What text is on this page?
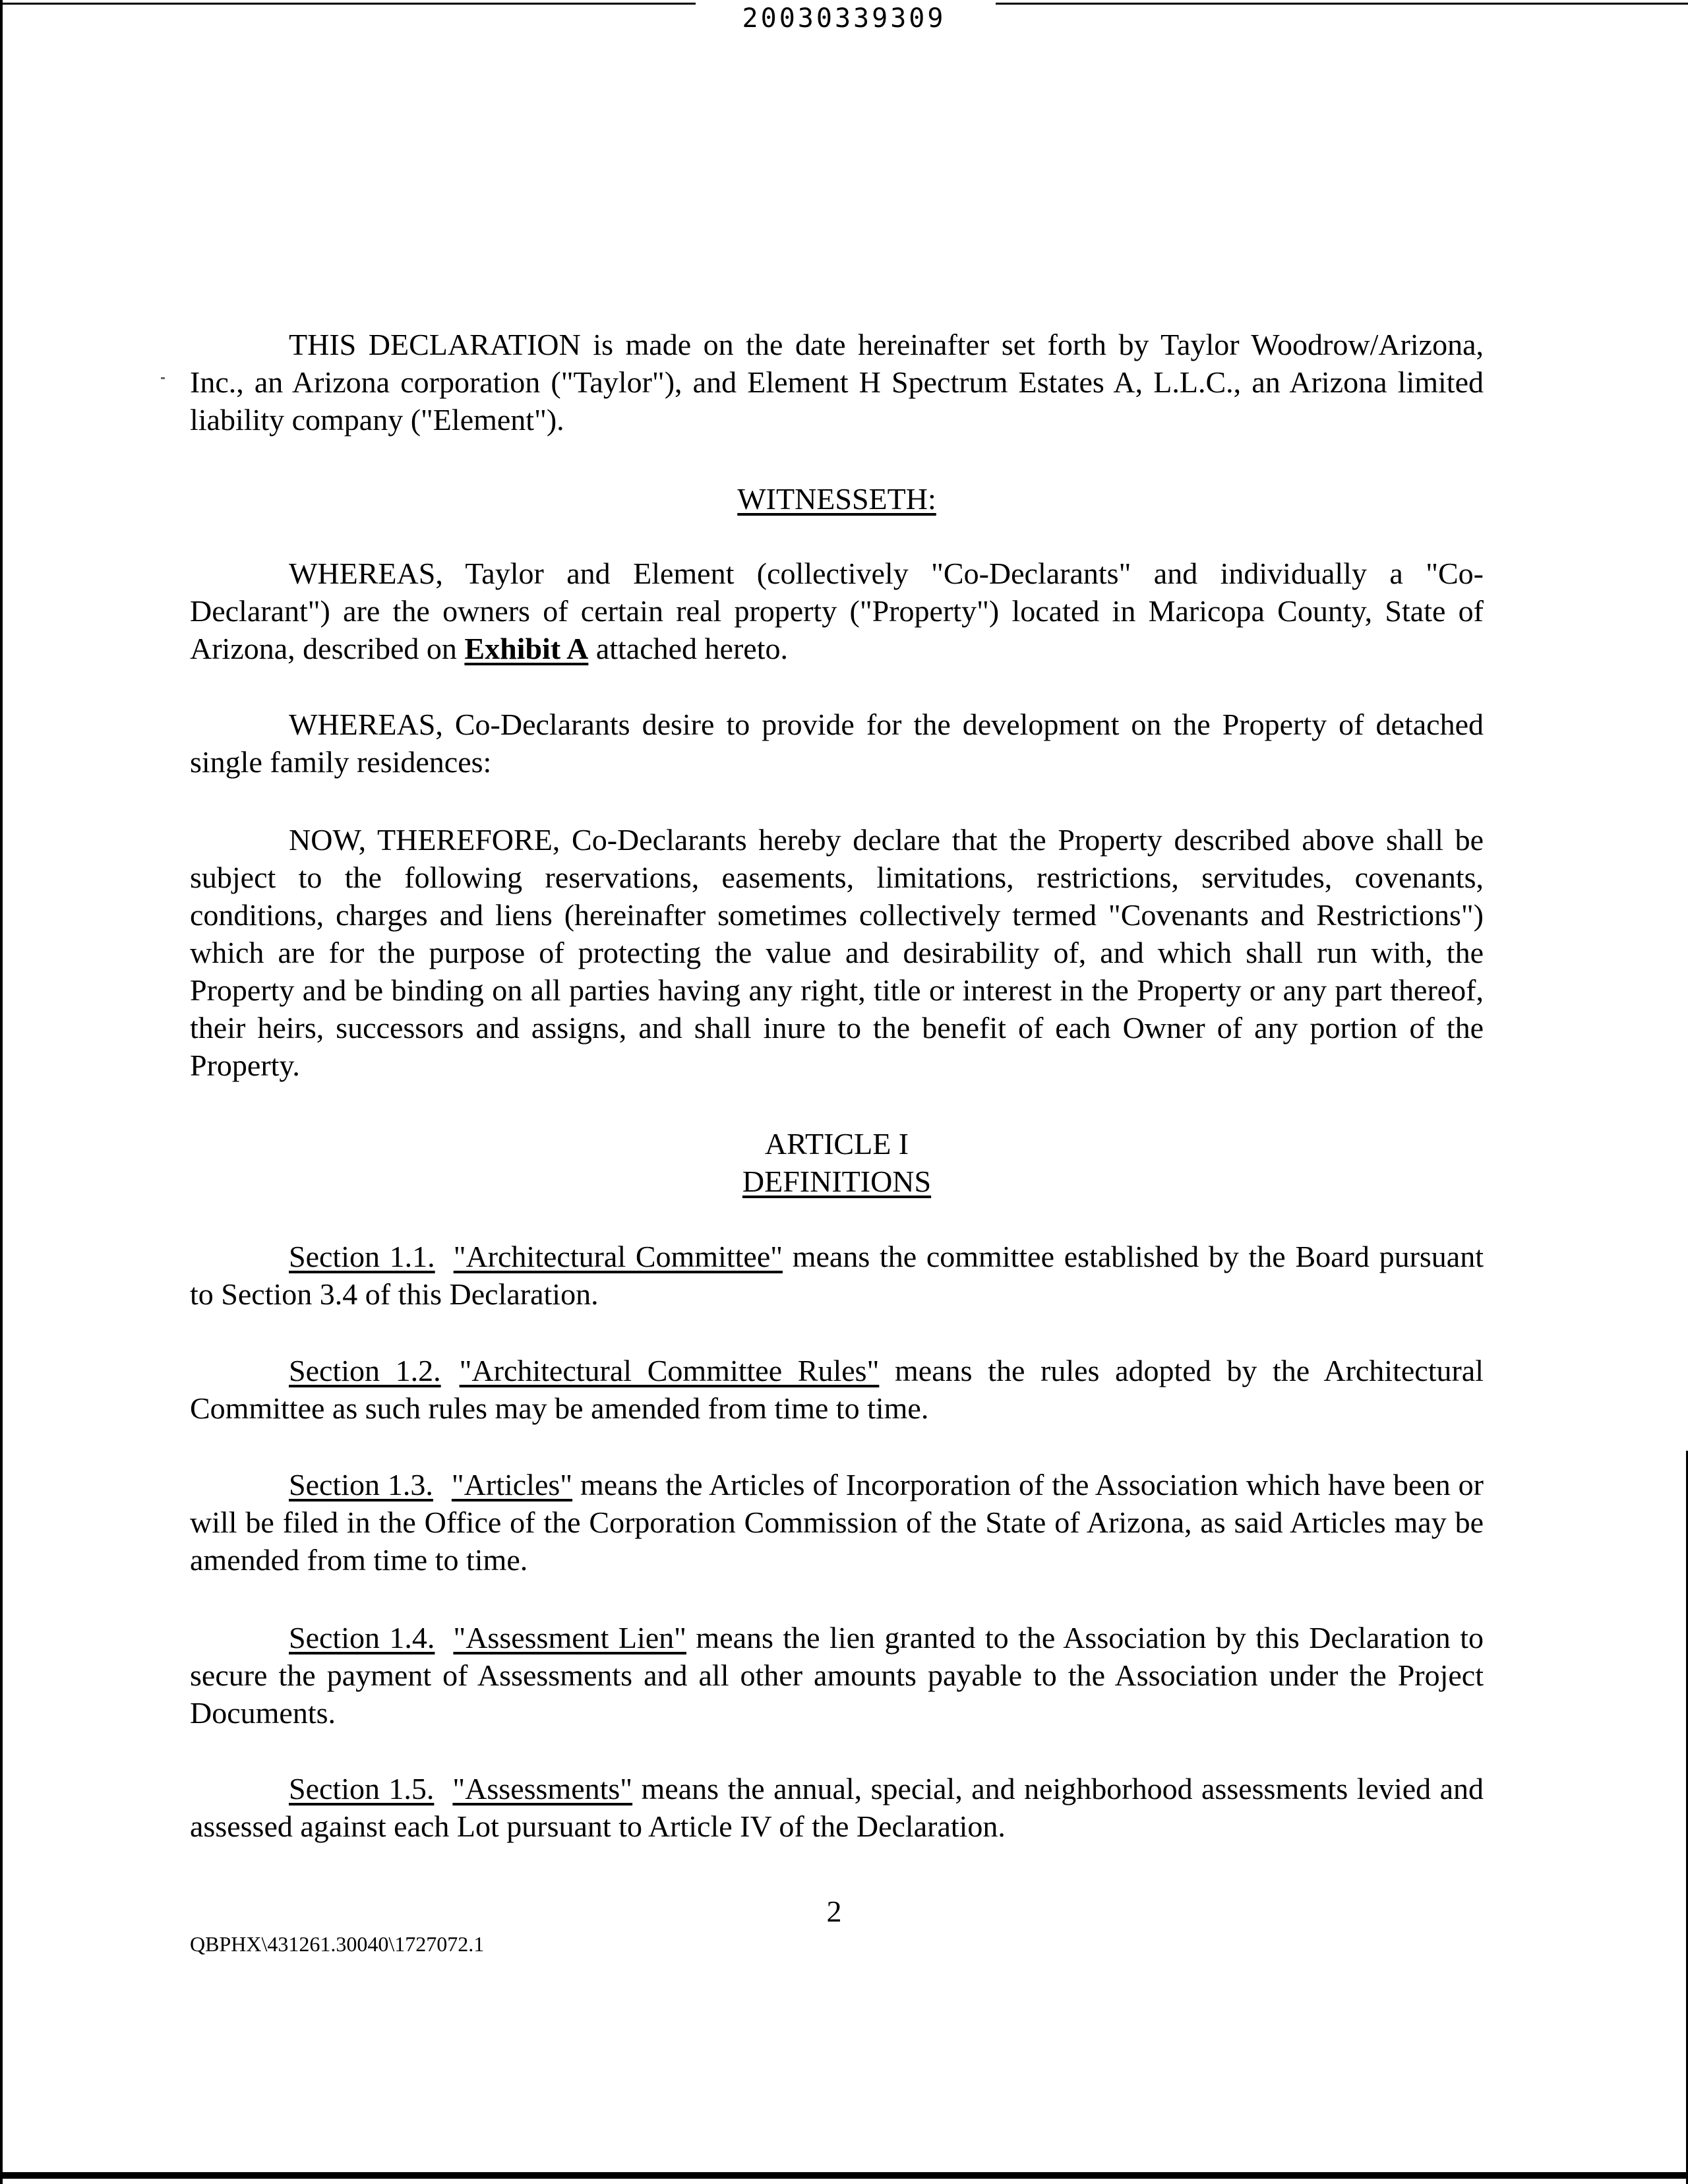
20030339309

THIS DECLARATION is made on the date hereinafter set forth by Taylor Woodrow/Arizona, Inc., an Arizona corporation ("Taylor"), and Element H Spectrum Estates A, L.L.C., an Arizona limited liability company ("Element").

WITNESSETH:

WHEREAS, Taylor and Element (collectively "Co-Declarants" and individually a "Co-Declarant") are the owners of certain real property ("Property") located in Maricopa County, State of Arizona, described on Exhibit A attached hereto.

WHEREAS, Co-Declarants desire to provide for the development on the Property of detached single family residences:

NOW, THEREFORE, Co-Declarants hereby declare that the Property described above shall be subject to the following reservations, easements, limitations, restrictions, servitudes, covenants, conditions, charges and liens (hereinafter sometimes collectively termed "Covenants and Restrictions") which are for the purpose of protecting the value and desirability of, and which shall run with, the Property and be binding on all parties having any right, title or interest in the Property or any part thereof, their heirs, successors and assigns, and shall inure to the benefit of each Owner of any portion of the Property.

ARTICLE I

DEFINITIONS

Section 1.1. "Architectural Committee" means the committee established by the Board pursuant to Section 3.4 of this Declaration.

Section 1.2. "Architectural Committee Rules" means the rules adopted by the Architectural Committee as such rules may be amended from time to time.

Section 1.3. "Articles" means the Articles of Incorporation of the Association which have been or will be filed in the Office of the Corporation Commission of the State of Arizona, as said Articles may be amended from time to time.

Section 1.4. "Assessment Lien" means the lien granted to the Association by this Declaration to secure the payment of Assessments and all other amounts payable to the Association under the Project Documents.

Section 1.5. "Assessments" means the annual, special, and neighborhood assessments levied and assessed against each Lot pursuant to Article IV of the Declaration.

2
QBPHX\431261.30040\1727072.1
